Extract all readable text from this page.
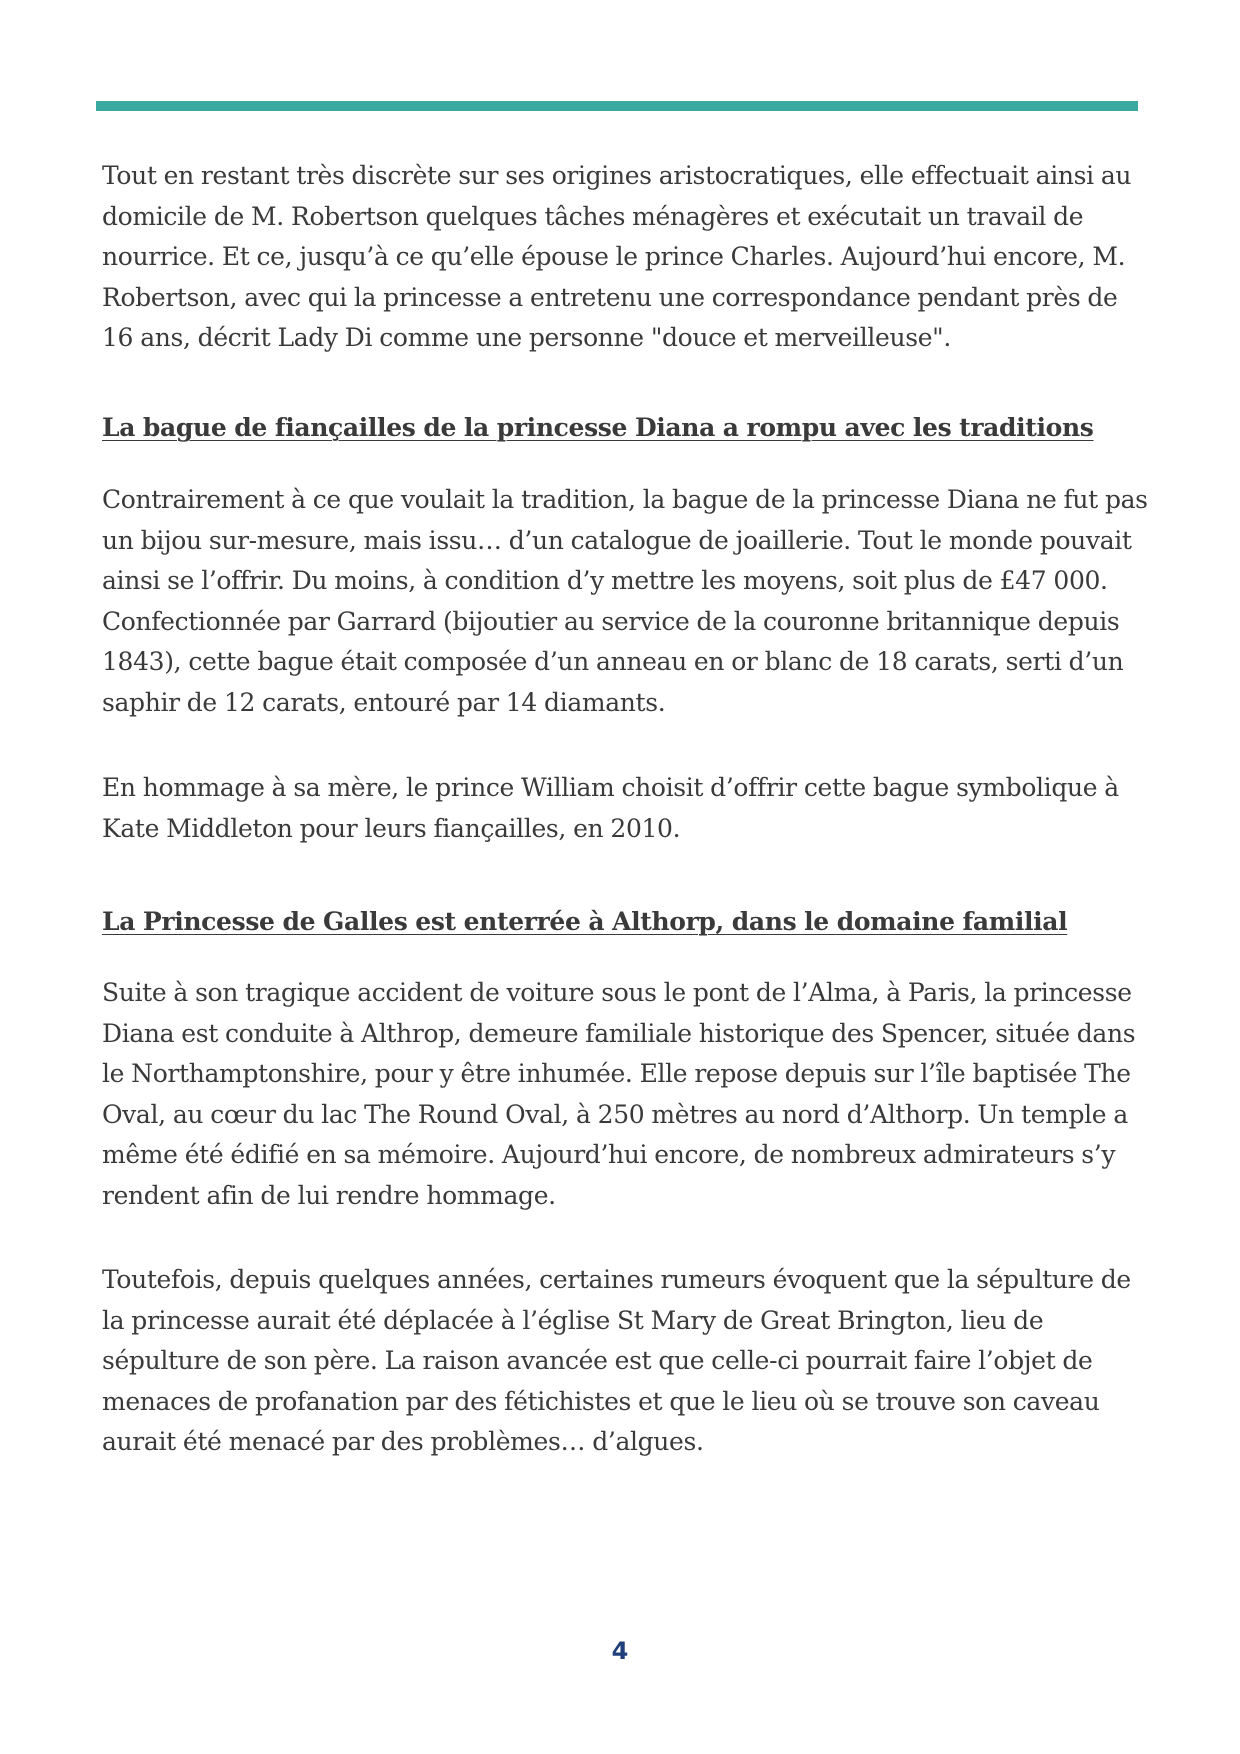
Tout en restant très discrète sur ses origines aristocratiques, elle effectuait ainsi au
domicile de M. Robertson quelques tâches ménagères et exécutait un travail de
nourrice. Et ce, jusqu’à ce qu’elle épouse le prince Charles. Aujourd’hui encore, M.
Robertson, avec qui la princesse a entretenu une correspondance pendant près de
16 ans, décrit Lady Di comme une personne "douce et merveilleuse".

La bague de fiançailles de la princesse Diana a rompu avec les traditions

Contrairement à ce que voulait la tradition, la bague de la princesse Diana ne fut pas
un bijou sur-mesure, mais issu… d’un catalogue de joaillerie. Tout le monde pouvait
ainsi se l’offrir. Du moins, à condition d’y mettre les moyens, soit plus de £47 000.
Confectionnée par Garrard (bijoutier au service de la couronne britannique depuis
1843), cette bague était composée d’un anneau en or blanc de 18 carats, serti d’un
saphir de 12 carats, entouré par 14 diamants.

En hommage à sa mère, le prince William choisit d’offrir cette bague symbolique à
Kate Middleton pour leurs fiançailles, en 2010.

La Princesse de Galles est enterrée à Althorp, dans le domaine familial

Suite à son tragique accident de voiture sous le pont de l’Alma, à Paris, la princesse
Diana est conduite à Althrop, demeure familiale historique des Spencer, située dans
le Northamptonshire, pour y être inhumée. Elle repose depuis sur l’île baptisée The
Oval, au cœur du lac The Round Oval, à 250 mètres au nord d’Althorp. Un temple a
même été édifié en sa mémoire. Aujourd’hui encore, de nombreux admirateurs s’y
rendent afin de lui rendre hommage.

Toutefois, depuis quelques années, certaines rumeurs évoquent que la sépulture de
la princesse aurait été déplacée à l’église St Mary de Great Brington, lieu de
sépulture de son père. La raison avancée est que celle-ci pourrait faire l’objet de
menaces de profanation par des fétichistes et que le lieu où se trouve son caveau
aurait été menacé par des problèmes… d’algues.

4
